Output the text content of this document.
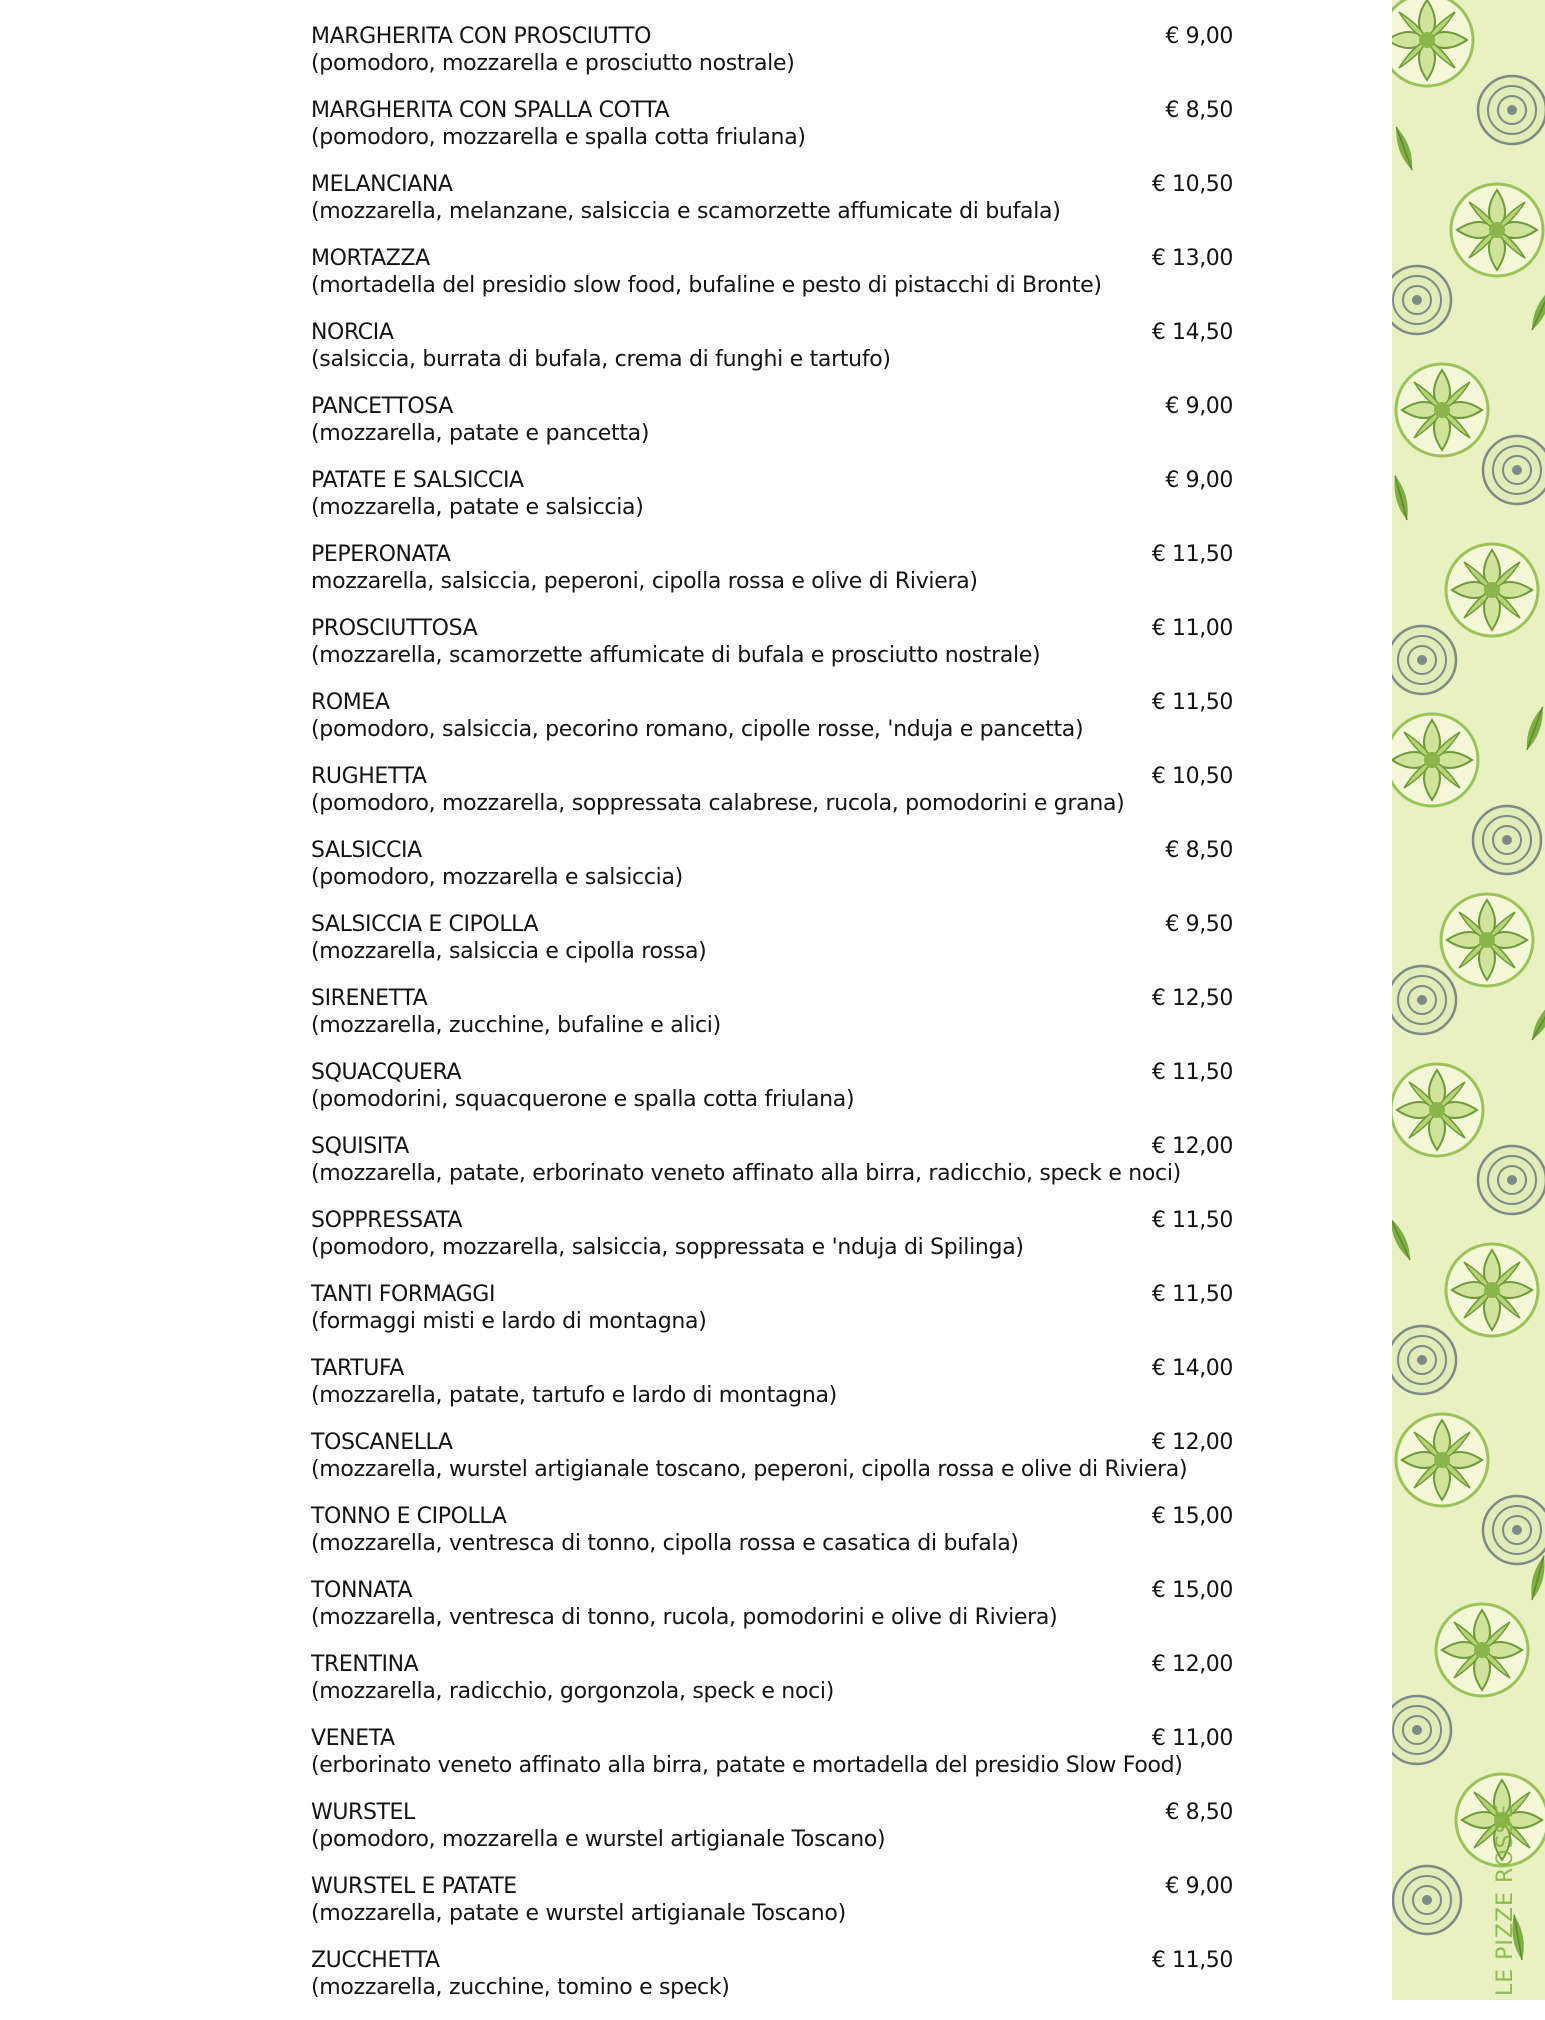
MARGHERITA CON PROSCIUTTO	€ 9,00
(pomodoro, mozzarella e prosciutto nostrale)
MARGHERITA CON SPALLA COTTA	€ 8,50
(pomodoro, mozzarella e spalla cotta friulana)
MELANCIANA	€ 10,50
(mozzarella, melanzane, salsiccia e scamorzette affumicate di bufala)
MORTAZZA	€ 13,00
(mortadella del presidio slow food, bufaline e pesto di pistacchi di Bronte)
NORCIA	€ 14,50
(salsiccia, burrata di bufala, crema di funghi e tartufo)
PANCETTOSA	€ 9,00
(mozzarella, patate e pancetta)
PATATE E SALSICCIA	€ 9,00
(mozzarella, patate e salsiccia)
PEPERONATA	€ 11,50
mozzarella, salsiccia, peperoni, cipolla rossa e olive di Riviera)
PROSCIUTTOSA	€ 11,00
(mozzarella, scamorzette affumicate di bufala e prosciutto nostrale)
ROMEA	€ 11,50
(pomodoro, salsiccia, pecorino romano, cipolle rosse, 'nduja e pancetta)
RUGHETTA	€ 10,50
(pomodoro, mozzarella, soppressata calabrese, rucola, pomodorini e grana)
SALSICCIA	€ 8,50
(pomodoro, mozzarella e salsiccia)
SALSICCIA E CIPOLLA	€ 9,50
(mozzarella, salsiccia e cipolla rossa)
SIRENETTA	€ 12,50
(mozzarella, zucchine, bufaline e alici)
SQUACQUERA	€ 11,50
(pomodorini, squacquerone e spalla cotta friulana)
SQUISITA	€ 12,00
(mozzarella, patate, erborinato veneto affinato alla birra, radicchio, speck e noci)
SOPPRESSATA	€ 11,50
(pomodoro, mozzarella, salsiccia, soppressata e 'nduja di Spilinga)
TANTI FORMAGGI	€ 11,50
(formaggi misti e lardo di montagna)
TARTUFA	€ 14,00
(mozzarella, patate, tartufo e lardo di montagna)
TOSCANELLA	€ 12,00
(mozzarella, wurstel artigianale toscano, peperoni, cipolla rossa e olive di Riviera)
TONNO E CIPOLLA	€ 15,00
(mozzarella, ventresca di tonno, cipolla rossa e casatica di bufala)
TONNATA	€ 15,00
(mozzarella, ventresca di tonno, rucola, pomodorini e olive di Riviera)
TRENTINA	€ 12,00
(mozzarella, radicchio, gorgonzola, speck e noci)
VENETA	€ 11,00
(erborinato veneto affinato alla birra, patate e mortadella del presidio Slow Food)
WURSTEL	€ 8,50
(pomodoro, mozzarella e wurstel artigianale Toscano)
WURSTEL E PATATE	€ 9,00
(mozzarella, patate e wurstel artigianale Toscano)
ZUCCHETTA	€ 11,50
(mozzarella, zucchine, tomino e speck)	LE PIZZE ROSSE
